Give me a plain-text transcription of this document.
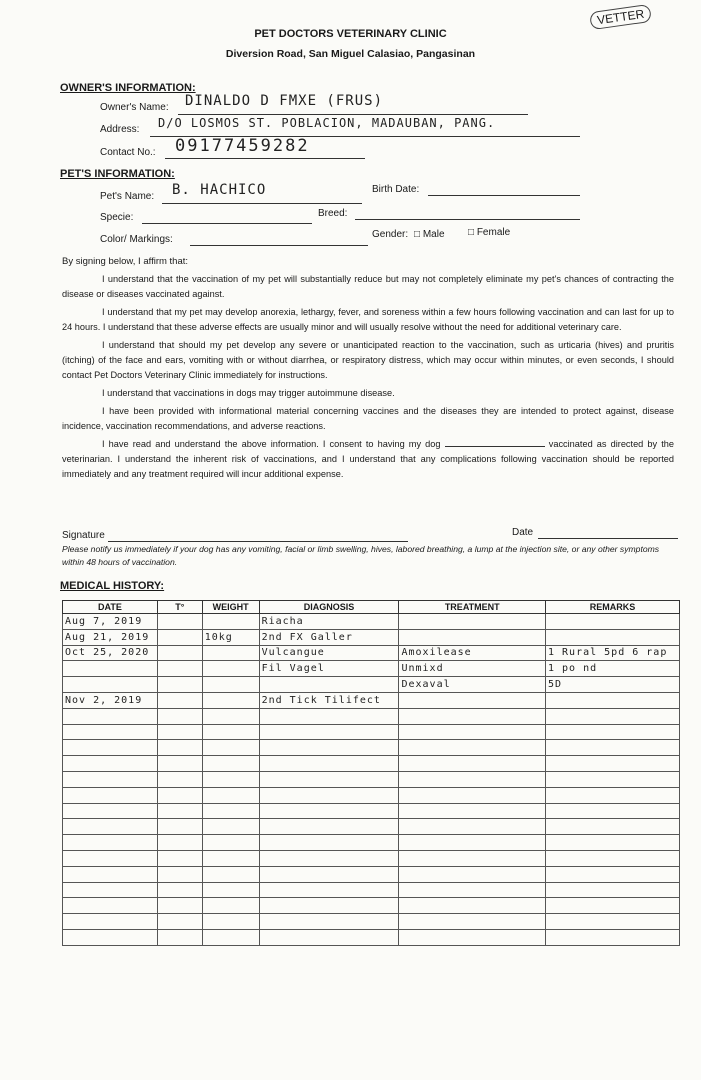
VETTER
PET DOCTORS VETERINARY CLINIC
Diversion Road, San Miguel Calasiao, Pangasinan
OWNER'S INFORMATION:
Owner's Name: DINALDO D FMXE (FRUS)
Address: D/O LOSMOS ST. POBLACION, MADAUBAN, PANG.
Contact No.: 09177459282
PET'S INFORMATION:
Pet's Name: B. HACHICO	Birth Date:
Specie:	Breed:
Color/ Markings:	Gender: □ Male □ Female
By signing below, I affirm that:

I understand that the vaccination of my pet will substantially reduce but may not completely eliminate my pet's chances of contracting the disease or diseases vaccinated against.

I understand that my pet may develop anorexia, lethargy, fever, and soreness within a few hours following vaccination and can last for up to 24 hours. I understand that these adverse effects are usually minor and will usually resolve without the need for additional veterinary care.

I understand that should my pet develop any severe or unanticipated reaction to the vaccination, such as urticaria (hives) and pruritis (itching) of the face and ears, vomiting with or without diarrhea, or respiratory distress, which may occur within minutes, or even seconds, I should contact Pet Doctors Veterinary Clinic immediately for instructions.

I understand that vaccinations in dogs may trigger autoimmune disease.

I have been provided with informational material concerning vaccines and the diseases they are intended to protect against, disease incidence, vaccination recommendations, and adverse reactions.

I have read and understand the above information. I consent to having my dog	vaccinated as directed by the veterinarian. I understand the inherent risk of vaccinations, and I understand that any complications following vaccination should be reported immediately and any treatment required will incur additional expense.

Signature	Date
Please notify us immediately if your dog has any vomiting, facial or limb swelling, hives, labored breathing, a lump at the injection site, or any other symptoms within 48 hours of vaccination.
MEDICAL HISTORY:
DATE	T°	WEIGHT	DIAGNOSIS	TREATMENT	REMARKS
Aug 7, 2019			Riacha		
Aug 21, 2019		10kg	2nd FX Galler		
Oct 25, 2020			Vulcangue	Amoxilease	1 Rural 5pd 6 rap
			Fil Vagel	Unmixd	1 po nd
				Dexaval	5D
Nov 2, 2019			2nd Tick Tilifect		
